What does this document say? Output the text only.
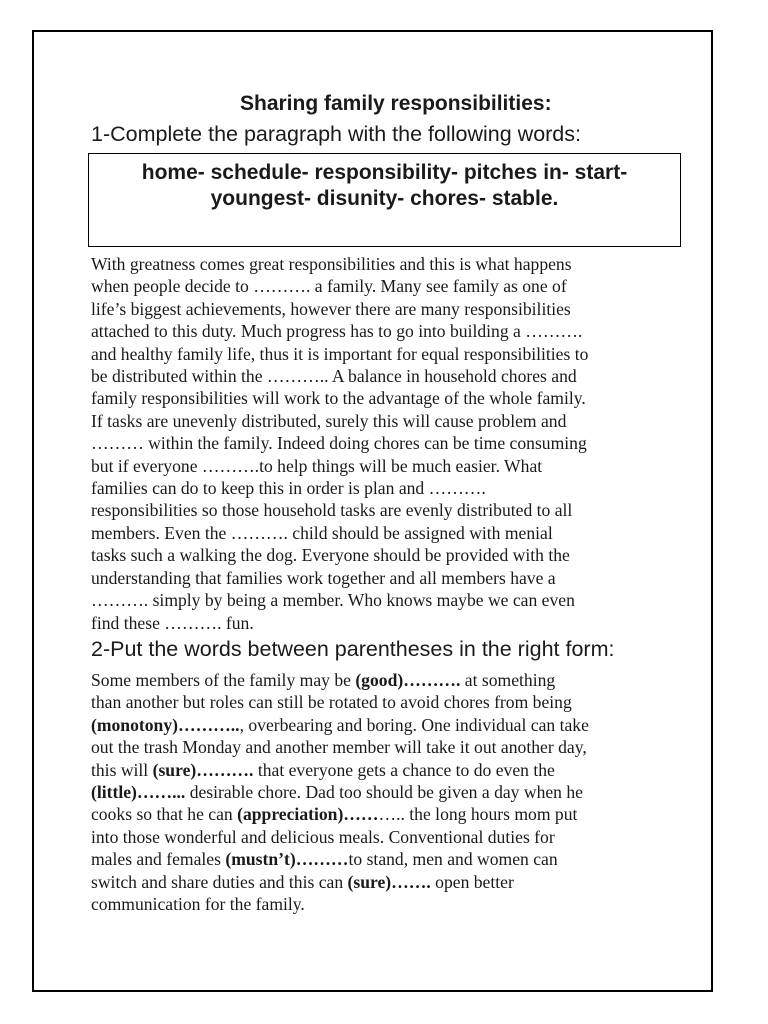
Sharing family responsibilities:
1-Complete the paragraph with the following words:
home- schedule- responsibility- pitches in- start-
youngest- disunity- chores- stable.
With greatness comes great responsibilities and this is what happens
when people decide to ………. a family. Many see family as one of
life’s biggest achievements, however there are many responsibilities
attached to this duty. Much progress has to go into building a ……….
and healthy family life, thus it is important for equal responsibilities to
be distributed within the ……….. A balance in household chores and
family responsibilities will work to the advantage of the whole family.
If tasks are unevenly distributed, surely this will cause problem and
……… within the family. Indeed doing chores can be time consuming
but if everyone ……….to help things will be much easier. What
families can do to keep this in order is plan and ……….
responsibilities so those household tasks are evenly distributed to all
members. Even the ………. child should be assigned with menial
tasks such a walking the dog. Everyone should be provided with the
understanding that families work together and all members have a
………. simply by being a member. Who knows maybe we can even
find these ………. fun.
2-Put the words between parentheses in the right form:
Some members of the family may be (good)………. at something
than another but roles can still be rotated to avoid chores from being
(monotony)……….., overbearing and boring. One individual can take
out the trash Monday and another member will take it out another day,
this will (sure)………. that everyone gets a chance to do even the
(little)……... desirable chore. Dad too should be given a day when he
cooks so that he can (appreciation)……….. the long hours mom put
into those wonderful and delicious meals. Conventional duties for
males and females (mustn’t)………to stand, men and women can
switch and share duties and this can (sure)……. open better
communication for the family.
